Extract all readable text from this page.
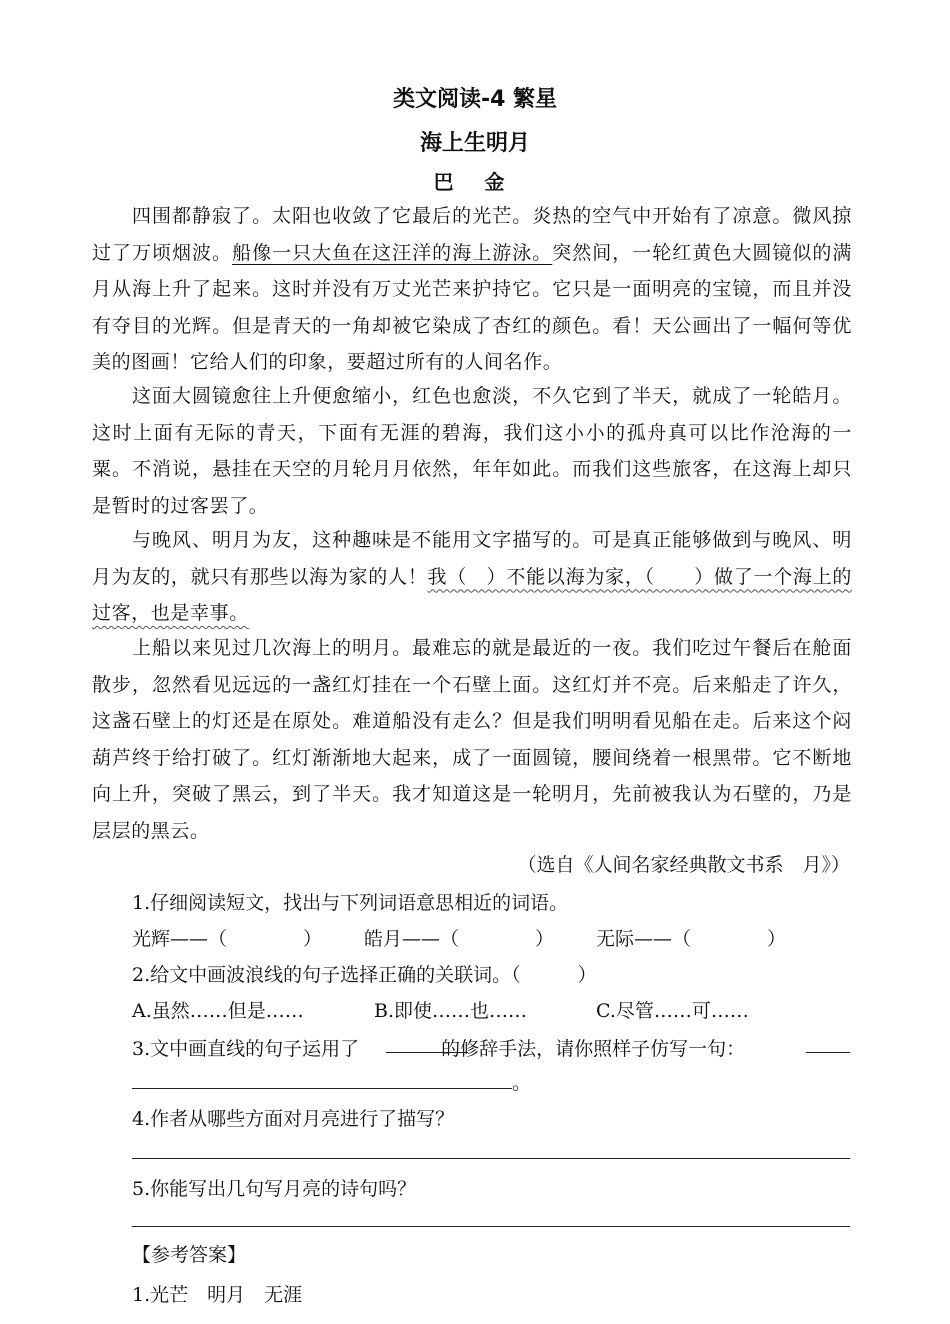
类文阅读-4 繁星
海上生明月
巴 金
四围都静寂了。太阳也收敛了它最后的光芒。炎热的空气中开始有了凉意。微风掠过了万顷烟波。船像一只大鱼在这汪洋的海上游泳。突然间，一轮红黄色大圆镜似的满月从海上升了起来。这时并没有万丈光芒来护持它。它只是一面明亮的宝镜，而且并没有夺目的光辉。但是青天的一角却被它染成了杏红的颜色。看！天公画出了一幅何等优美的图画！它给人们的印象，要超过所有的人间名作。
这面大圆镜愈往上升便愈缩小，红色也愈淡，不久它到了半天，就成了一轮皓月。这时上面有无际的青天，下面有无涯的碧海，我们这小小的孤舟真可以比作沧海的一粟。不消说，悬挂在天空的月轮月月依然，年年如此。而我们这些旅客，在这海上却只是暂时的过客罢了。
与晚风、明月为友，这种趣味是不能用文字描写的。可是真正能够做到与晚风、明月为友的，就只有那些以海为家的人！我（　）不能以海为家，（　　）做了一个海上的过客，也是幸事。
上船以来见过几次海上的明月。最难忘的就是最近的一夜。我们吃过午餐后在舱面散步，忽然看见远远的一盏红灯挂在一个石壁上面。这红灯并不亮。后来船走了许久，这盏石壁上的灯还是在原处。难道船没有走么？但是我们明明看见船在走。后来这个闷葫芦终于给打破了。红灯渐渐地大起来，成了一面圆镜，腰间绕着一根黑带。它不断地向上升，突破了黑云，到了半天。我才知道这是一轮明月，先前被我认为石壁的，乃是层层的黑云。
（选自《人间名家经典散文书系　月》）
1.仔细阅读短文，找出与下列词语意思相近的词语。
光辉——（　　　　） 皓月——（　　　　） 无际——（　　　　）
2.给文中画波浪线的句子选择正确的关联词。（　　　）
A.虽然……但是……	B.即使……也……	C.尽管……可……
3.文中画直线的句子运用了	的修辞手法，请你照样子仿写一句：
。
4.作者从哪些方面对月亮进行了描写？
5.你能写出几句写月亮的诗句吗？
【参考答案】
1.光芒　明月　无涯
